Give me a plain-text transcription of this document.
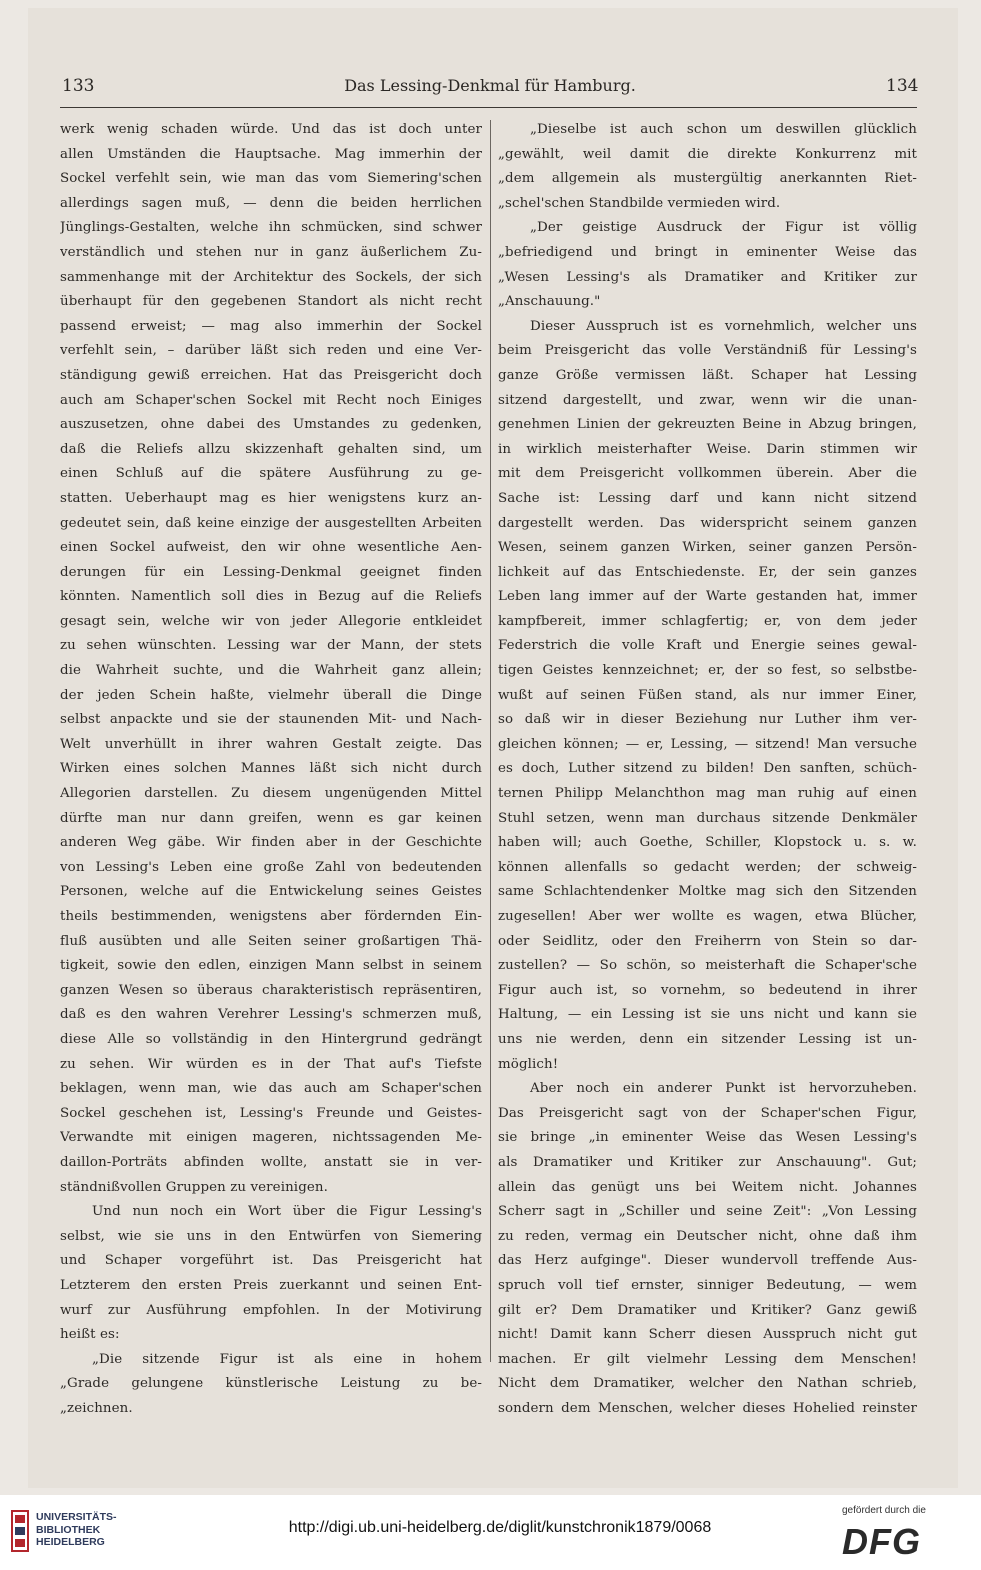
133	Das Lessing-Denkmal für Hamburg.	134
werk wenig schaden würde. Und das ist doch unter
allen Umständen die Hauptsache. Mag immerhin der
Sockel verfehlt sein, wie man das vom Siemering'schen
allerdings sagen muß, — denn die beiden herrlichen
Jünglings-Gestalten, welche ihn schmücken, sind schwer
verständlich und stehen nur in ganz äußerlichem Zu-
sammenhange mit der Architektur des Sockels, der sich
überhaupt für den gegebenen Standort als nicht recht
passend erweist; — mag also immerhin der Sockel
verfehlt sein, – darüber läßt sich reden und eine Ver-
ständigung gewiß erreichen. Hat das Preisgericht doch
auch am Schaper'schen Sockel mit Recht noch Einiges
auszusetzen, ohne dabei des Umstandes zu gedenken,
daß die Reliefs allzu skizzenhaft gehalten sind, um
einen Schluß auf die spätere Ausführung zu ge-
statten. Ueberhaupt mag es hier wenigstens kurz an-
gedeutet sein, daß keine einzige der ausgestellten Arbeiten
einen Sockel aufweist, den wir ohne wesentliche Aen-
derungen für ein Lessing-Denkmal geeignet finden
könnten. Namentlich soll dies in Bezug auf die Reliefs
gesagt sein, welche wir von jeder Allegorie entkleidet
zu sehen wünschten. Lessing war der Mann, der stets
die Wahrheit suchte, und die Wahrheit ganz allein;
der jeden Schein haßte, vielmehr überall die Dinge
selbst anpackte und sie der staunenden Mit- und Nach-
Welt unverhüllt in ihrer wahren Gestalt zeigte. Das
Wirken eines solchen Mannes läßt sich nicht durch
Allegorien darstellen. Zu diesem ungenügenden Mittel
dürfte man nur dann greifen, wenn es gar keinen
anderen Weg gäbe. Wir finden aber in der Geschichte
von Lessing's Leben eine große Zahl von bedeutenden
Personen, welche auf die Entwickelung seines Geistes
theils bestimmenden, wenigstens aber fördernden Ein-
fluß ausübten und alle Seiten seiner großartigen Thä-
tigkeit, sowie den edlen, einzigen Mann selbst in seinem
ganzen Wesen so überaus charakteristisch repräsentiren,
daß es den wahren Verehrer Lessing's schmerzen muß,
diese Alle so vollständig in den Hintergrund gedrängt
zu sehen. Wir würden es in der That auf's Tiefste
beklagen, wenn man, wie das auch am Schaper'schen
Sockel geschehen ist, Lessing's Freunde und Geistes-
Verwandte mit einigen mageren, nichtssagenden Me-
daillon-Porträts abfinden wollte, anstatt sie in ver-
ständnißvollen Gruppen zu vereinigen.
Und nun noch ein Wort über die Figur Lessing's
selbst, wie sie uns in den Entwürfen von Siemering
und Schaper vorgeführt ist. Das Preisgericht hat
Letzterem den ersten Preis zuerkannt und seinen Ent-
wurf zur Ausführung empfohlen. In der Motivirung
heißt es:
„Die sitzende Figur ist als eine in hohem
„Grade gelungene künstlerische Leistung zu be-
„zeichnen.
„Dieselbe ist auch schon um deswillen glücklich
„gewählt, weil damit die direkte Konkurrenz mit
„dem allgemein als mustergültig anerkannten Riet-
„schel'schen Standbilde vermieden wird.
„Der geistige Ausdruck der Figur ist völlig
„befriedigend und bringt in eminenter Weise das
„Wesen Lessing's als Dramatiker and Kritiker zur
„Anschauung."
Dieser Ausspruch ist es vornehmlich, welcher uns
beim Preisgericht das volle Verständniß für Lessing's
ganze Größe vermissen läßt. Schaper hat Lessing
sitzend dargestellt, und zwar, wenn wir die unan-
genehmen Linien der gekreuzten Beine in Abzug bringen,
in wirklich meisterhafter Weise. Darin stimmen wir
mit dem Preisgericht vollkommen überein. Aber die
Sache ist: Lessing darf und kann nicht sitzend
dargestellt werden. Das widerspricht seinem ganzen
Wesen, seinem ganzen Wirken, seiner ganzen Persön-
lichkeit auf das Entschiedenste. Er, der sein ganzes
Leben lang immer auf der Warte gestanden hat, immer
kampfbereit, immer schlagfertig; er, von dem jeder
Federstrich die volle Kraft und Energie seines gewal-
tigen Geistes kennzeichnet; er, der so fest, so selbstbe-
wußt auf seinen Füßen stand, als nur immer Einer,
so daß wir in dieser Beziehung nur Luther ihm ver-
gleichen können; — er, Lessing, — sitzend! Man versuche
es doch, Luther sitzend zu bilden! Den sanften, schüch-
ternen Philipp Melanchthon mag man ruhig auf einen
Stuhl setzen, wenn man durchaus sitzende Denkmäler
haben will; auch Goethe, Schiller, Klopstock u. s. w.
können allenfalls so gedacht werden; der schweig-
same Schlachtendenker Moltke mag sich den Sitzenden
zugesellen! Aber wer wollte es wagen, etwa Blücher,
oder Seidlitz, oder den Freiherrn von Stein so dar-
zustellen? — So schön, so meisterhaft die Schaper'sche
Figur auch ist, so vornehm, so bedeutend in ihrer
Haltung, — ein Lessing ist sie uns nicht und kann sie
uns nie werden, denn ein sitzender Lessing ist un-
möglich!
Aber noch ein anderer Punkt ist hervorzuheben.
Das Preisgericht sagt von der Schaper'schen Figur,
sie bringe „in eminenter Weise das Wesen Lessing's
als Dramatiker und Kritiker zur Anschauung". Gut;
allein das genügt uns bei Weitem nicht. Johannes
Scherr sagt in „Schiller und seine Zeit": „Von Lessing
zu reden, vermag ein Deutscher nicht, ohne daß ihm
das Herz aufginge". Dieser wundervoll treffende Aus-
spruch voll tief ernster, sinniger Bedeutung, — wem
gilt er? Dem Dramatiker und Kritiker? Ganz gewiß
nicht! Damit kann Scherr diesen Ausspruch nicht gut
machen. Er gilt vielmehr Lessing dem Menschen!
Nicht dem Dramatiker, welcher den Nathan schrieb,
sondern dem Menschen, welcher dieses Hohelied reinster
UNIVERSITÄTS-
BIBLIOTHEK
HEIDELBERG
http://digi.ub.uni-heidelberg.de/diglit/kunstchronik1879/0068
gefördert durch die
DFG
